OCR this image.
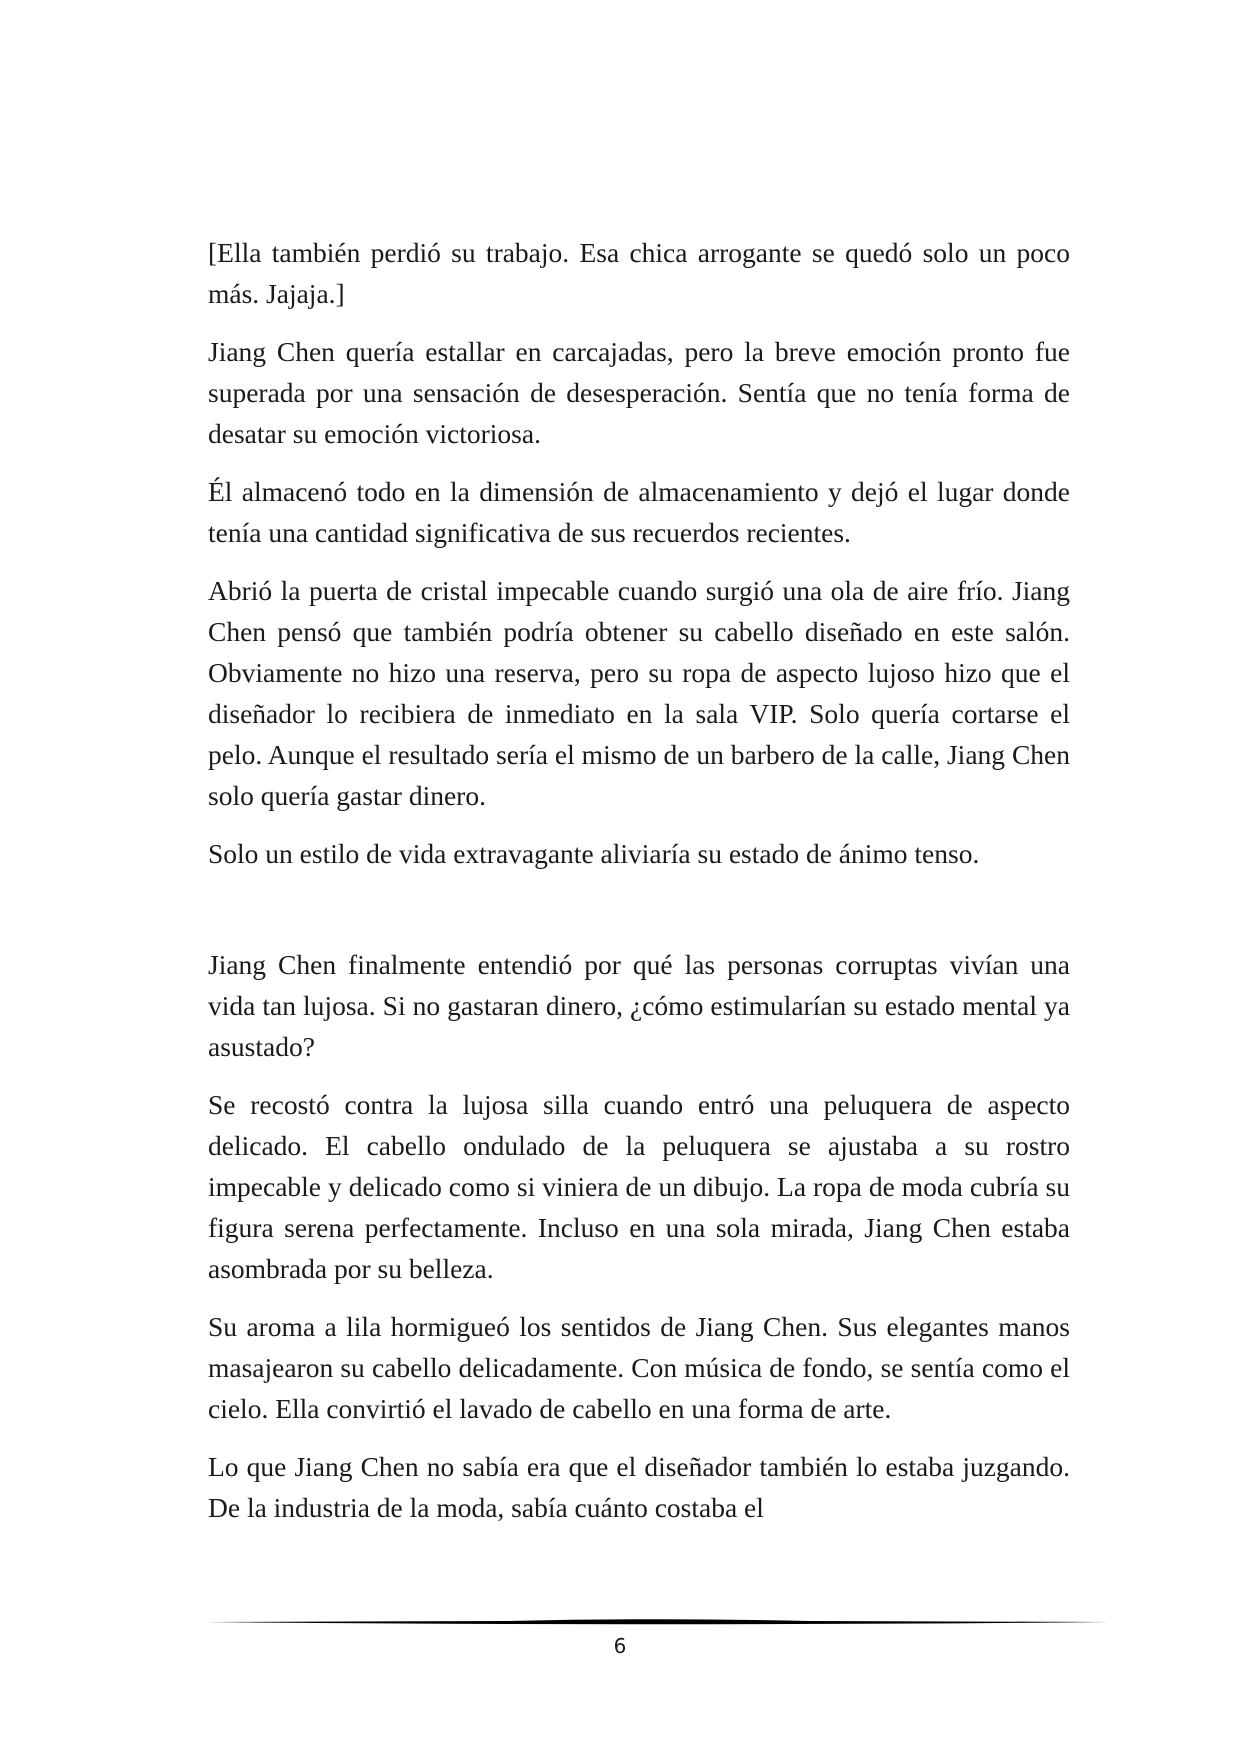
[Ella también perdió su trabajo. Esa chica arrogante se quedó solo un poco más. Jajaja.]

Jiang Chen quería estallar en carcajadas, pero la breve emoción pronto fue superada por una sensación de desesperación. Sentía que no tenía forma de desatar su emoción victoriosa.

Él almacenó todo en la dimensión de almacenamiento y dejó el lugar donde tenía una cantidad significativa de sus recuerdos recientes.

Abrió la puerta de cristal impecable cuando surgió una ola de aire frío. Jiang Chen pensó que también podría obtener su cabello diseñado en este salón. Obviamente no hizo una reserva, pero su ropa de aspecto lujoso hizo que el diseñador lo recibiera de inmediato en la sala VIP. Solo quería cortarse el pelo. Aunque el resultado sería el mismo de un barbero de la calle, Jiang Chen solo quería gastar dinero.

Solo un estilo de vida extravagante aliviaría su estado de ánimo tenso.

Jiang Chen finalmente entendió por qué las personas corruptas vivían una vida tan lujosa. Si no gastaran dinero, ¿cómo estimularían su estado mental ya asustado?

Se recostó contra la lujosa silla cuando entró una peluquera de aspecto delicado. El cabello ondulado de la peluquera se ajustaba a su rostro impecable y delicado como si viniera de un dibujo. La ropa de moda cubría su figura serena perfectamente. Incluso en una sola mirada, Jiang Chen estaba asombrada por su belleza.

Su aroma a lila hormigueó los sentidos de Jiang Chen. Sus elegantes manos masajearon su cabello delicadamente. Con música de fondo, se sentía como el cielo. Ella convirtió el lavado de cabello en una forma de arte.

Lo que Jiang Chen no sabía era que el diseñador también lo estaba juzgando. De la industria de la moda, sabía cuánto costaba el

6
